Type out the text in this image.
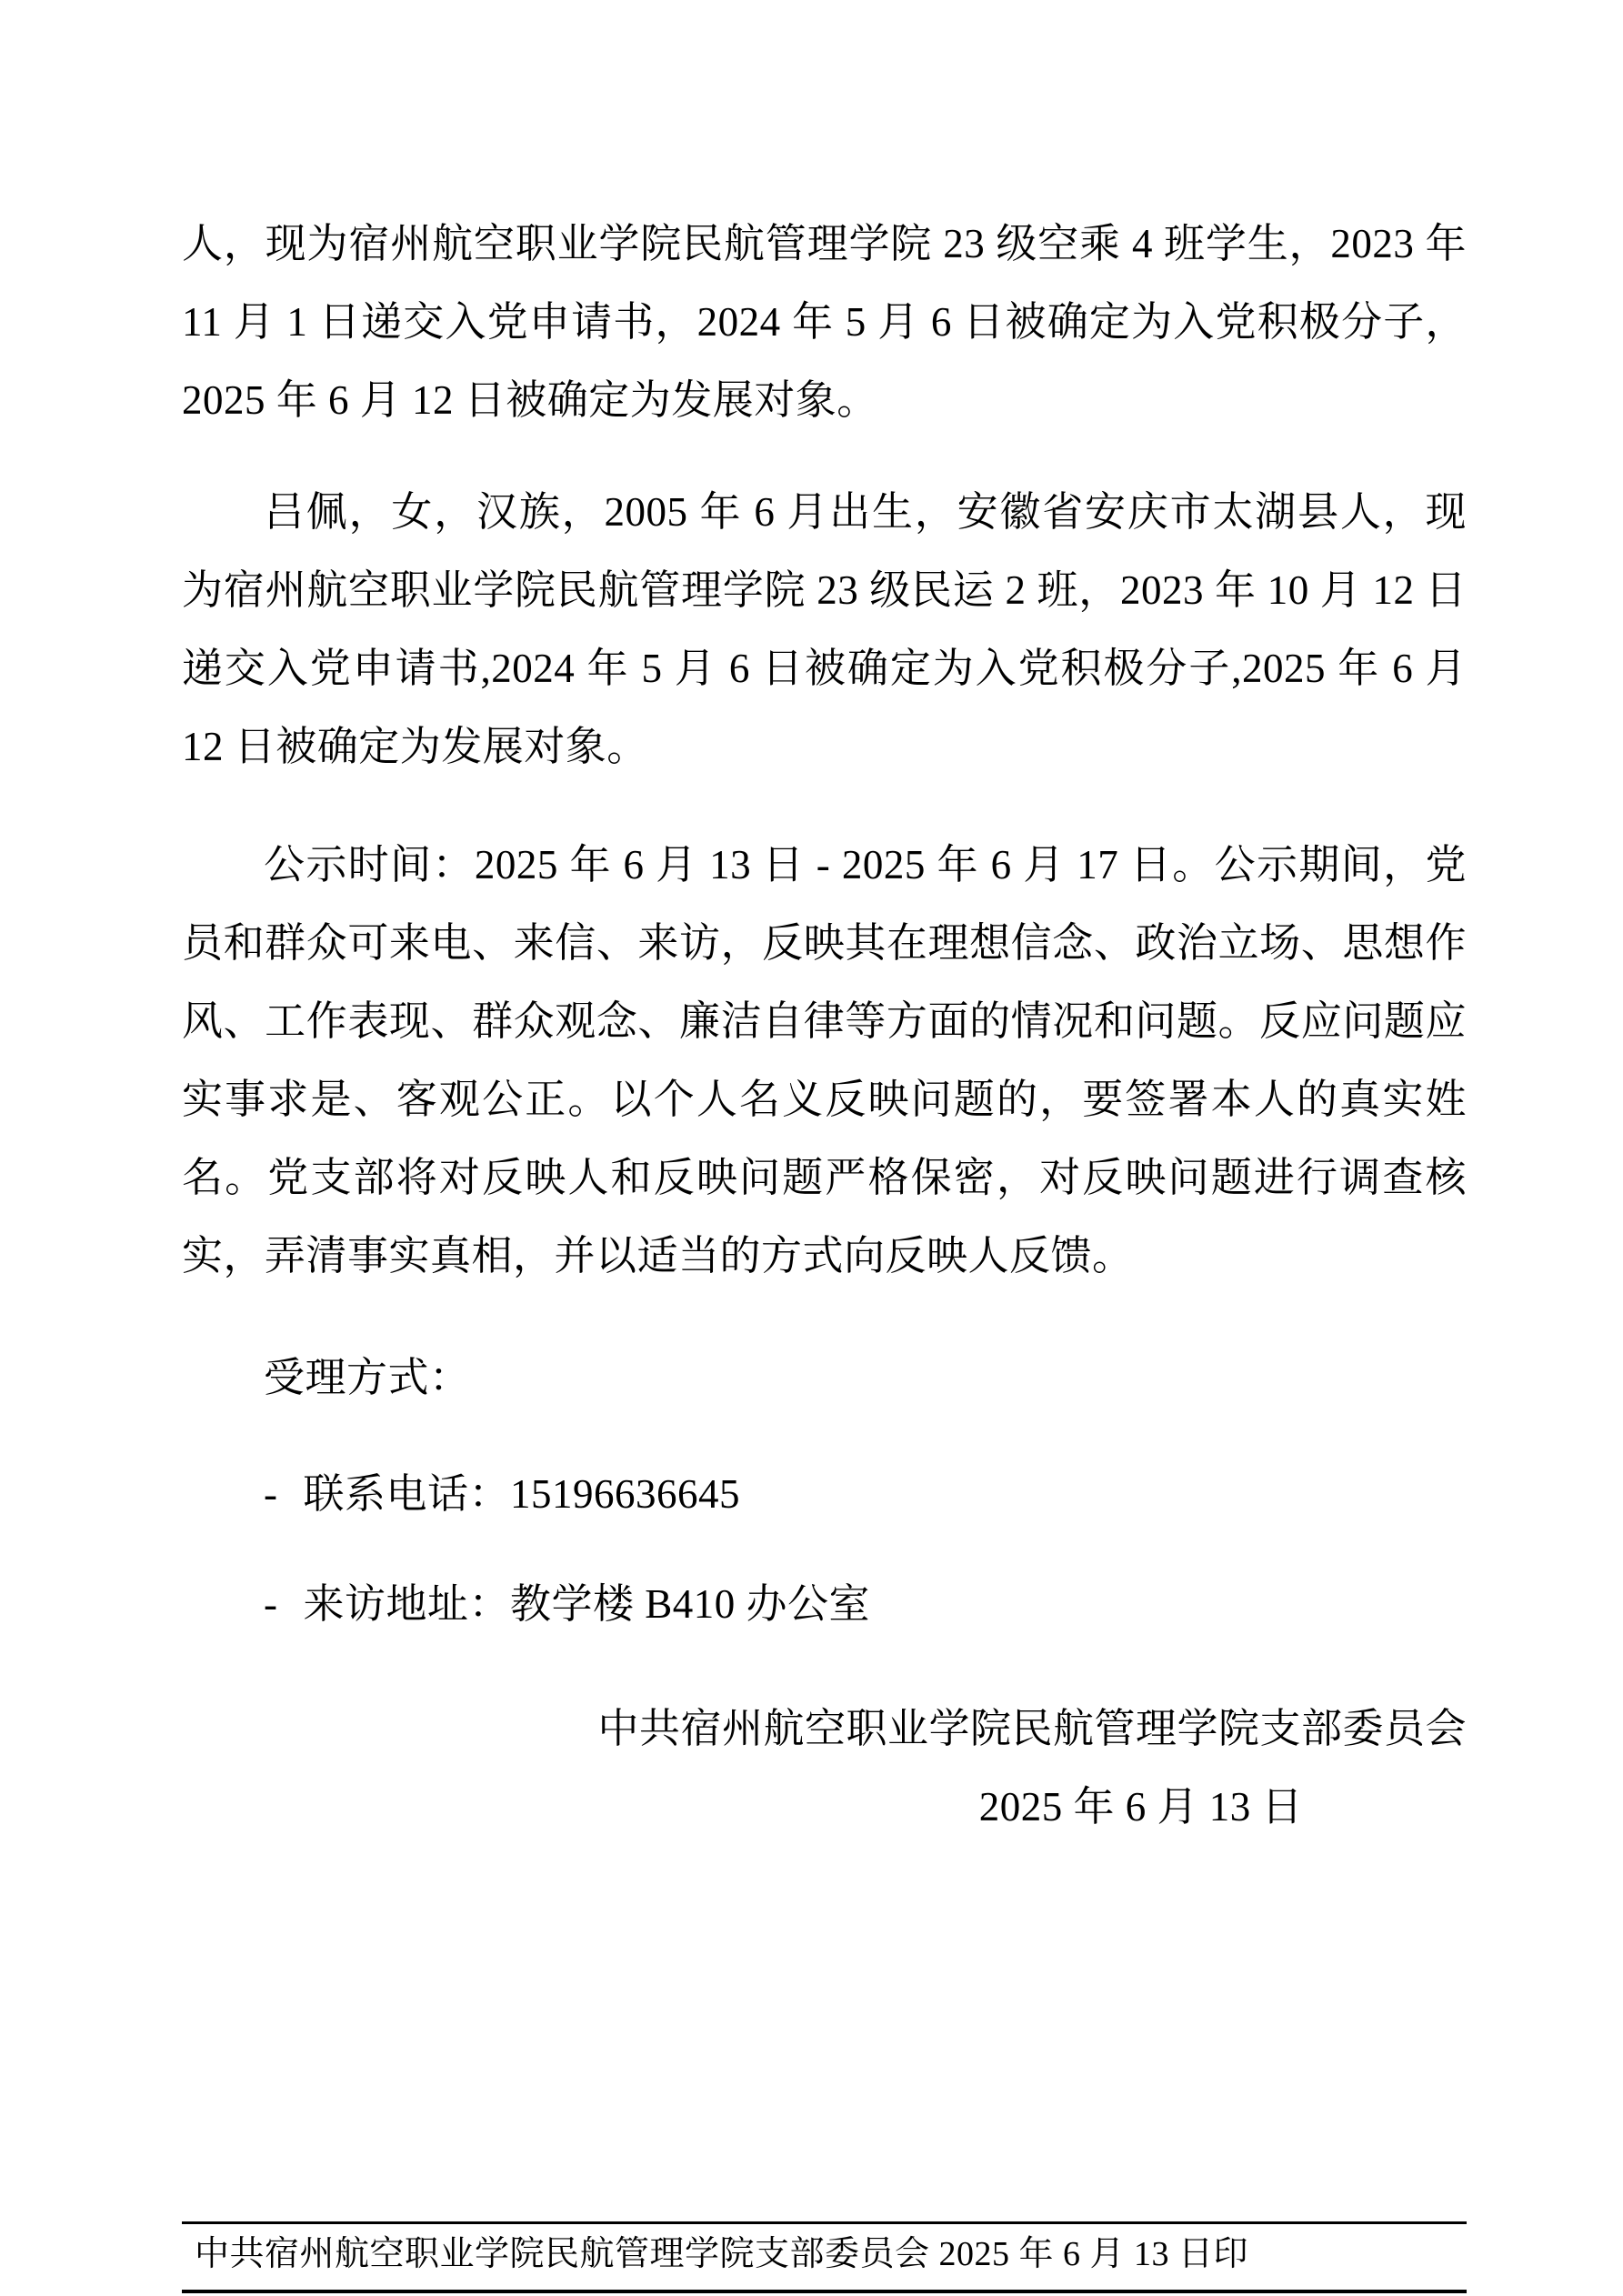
人，现为宿州航空职业学院民航管理学院 23 级空乘 4 班学生，2023 年 11 月 1 日递交入党申请书，2024 年 5 月 6 日被确定为入党积极分子，2025 年 6 月 12 日被确定为发展对象。

吕佩，女，汉族，2005 年 6 月出生，安徽省安庆市太湖县人，现为宿州航空职业学院民航管理学院 23 级民运 2 班，2023 年 10 月 12 日递交入党申请书,2024 年 5 月 6 日被确定为入党积极分子,2025 年 6 月 12 日被确定为发展对象。

公示时间：2025 年 6 月 13 日 - 2025 年 6 月 17 日。公示期间，党员和群众可来电、来信、来访，反映其在理想信念、政治立场、思想作风、工作表现、群众观念、廉洁自律等方面的情况和问题。反应问题应实事求是、客观公正。以个人名义反映问题的，要签署本人的真实姓名。党支部将对反映人和反映问题严格保密，对反映问题进行调查核实，弄清事实真相，并以适当的方式向反映人反馈。

受理方式：

- 联系电话：15196636645

- 来访地址：教学楼 B410 办公室

中共宿州航空职业学院民航管理学院支部委员会

2025 年 6 月 13 日

中共宿州航空职业学院民航管理学院支部委员会 2025 年 6 月 13 日印
